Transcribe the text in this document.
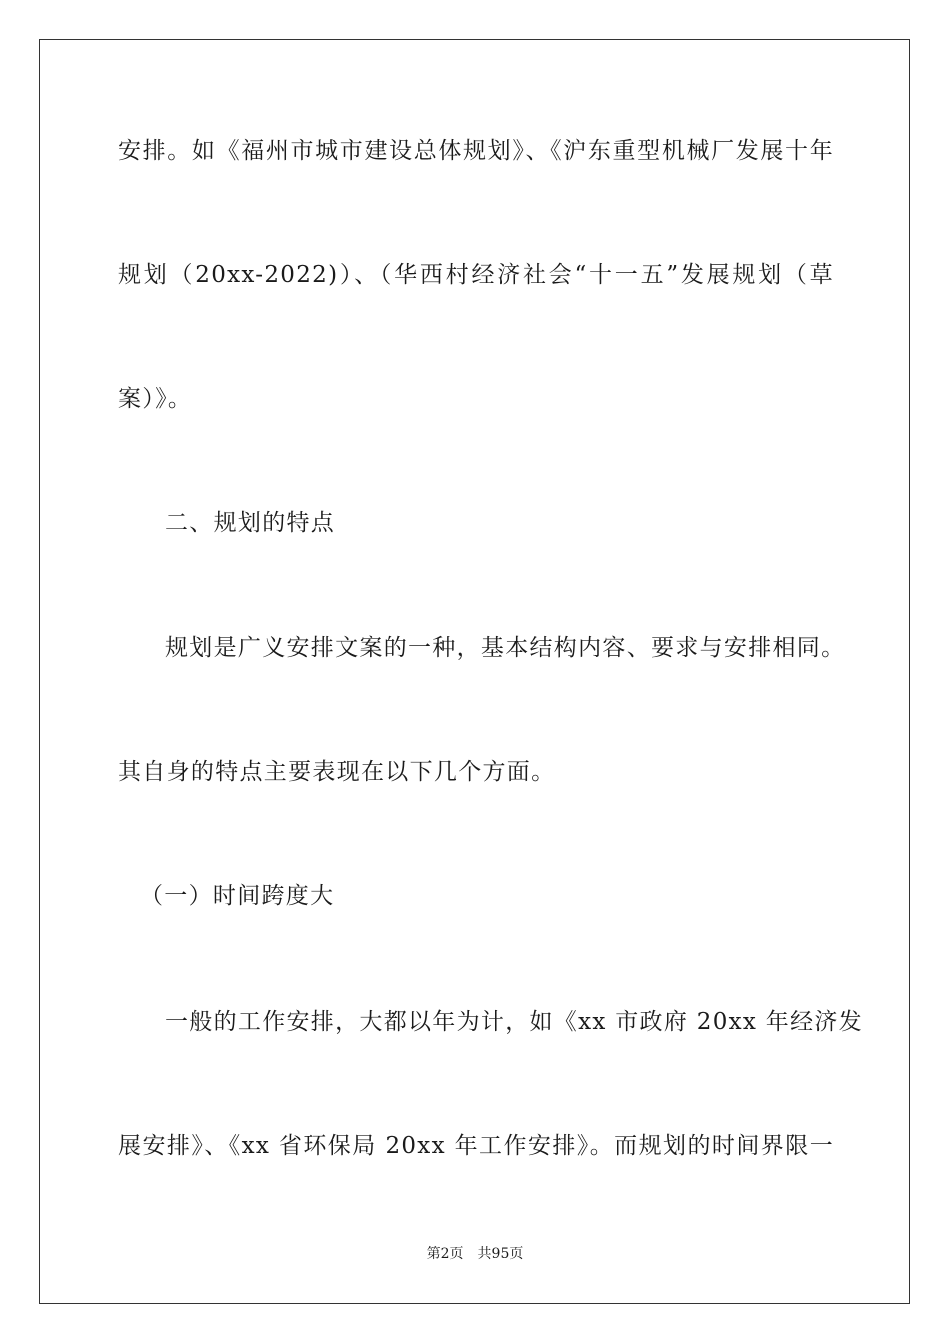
安排。如《福州市城市建设总体规划》、《沪东重型机械厂发展十年
规划（20xx-2022)）、（华西村经济社会“十一五”发展规划（草
案）》。
二、规划的特点
规划是广义安排文案的一种，基本结构内容、要求与安排相同。
其自身的特点主要表现在以下几个方面。
（一）时间跨度大
一般的工作安排，大都以年为计，如《xx 市政府 20xx 年经济发
展安排》、《xx 省环保局 20xx 年工作安排》。而规划的时间界限一
第2页 共95页
